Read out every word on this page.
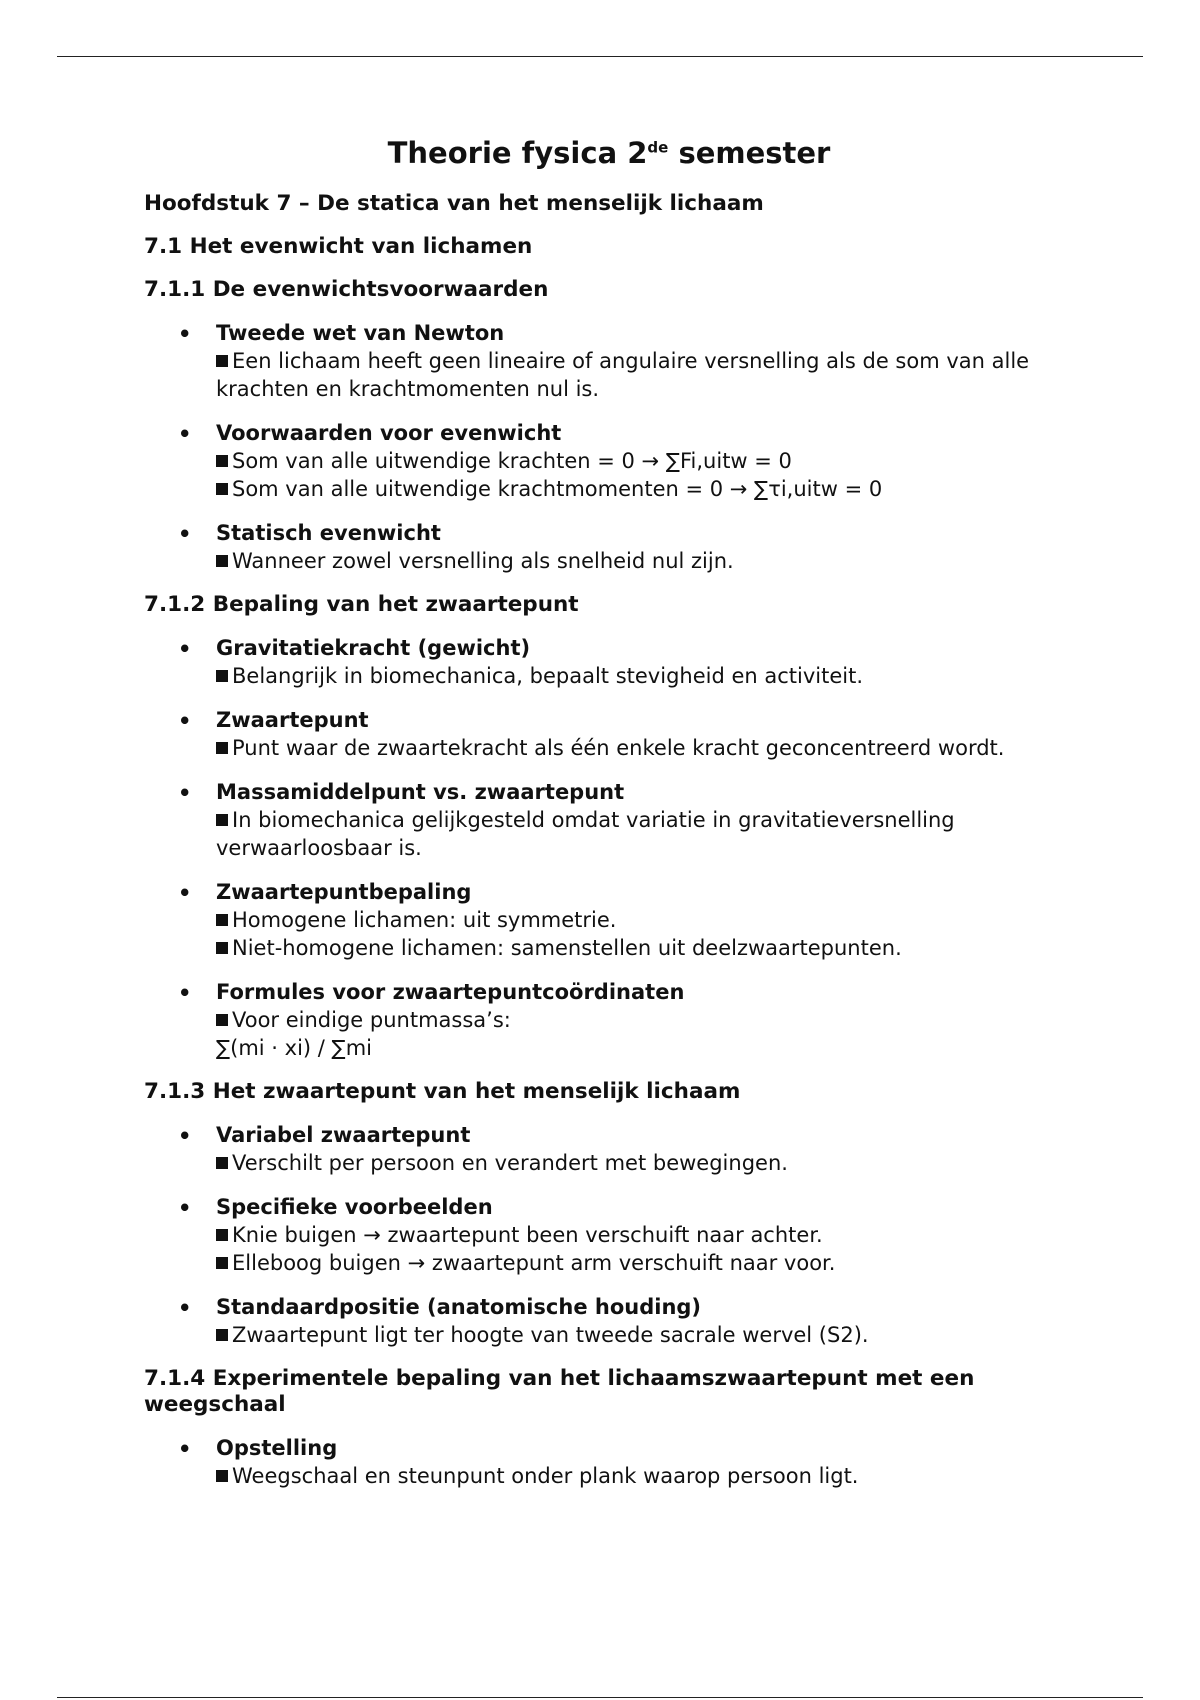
Theorie fysica 2de semester
Hoofdstuk 7 – De statica van het menselijk lichaam
7.1 Het evenwicht van lichamen
7.1.1 De evenwichtsvoorwaarden
• Tweede wet van Newton
Een lichaam heeft geen lineaire of angulaire versnelling als de som van alle krachten en krachtmomenten nul is.
• Voorwaarden voor evenwicht
Som van alle uitwendige krachten = 0 → ∑Fi,uitw = 0
Som van alle uitwendige krachtmomenten = 0 → ∑τi,uitw = 0
• Statisch evenwicht
Wanneer zowel versnelling als snelheid nul zijn.
7.1.2 Bepaling van het zwaartepunt
• Gravitatiekracht (gewicht)
Belangrijk in biomechanica, bepaalt stevigheid en activiteit.
• Zwaartepunt
Punt waar de zwaartekracht als één enkele kracht geconcentreerd wordt.
• Massamiddelpunt vs. zwaartepunt
In biomechanica gelijkgesteld omdat variatie in gravitatieversnelling verwaarloosbaar is.
• Zwaartepuntbepaling
Homogene lichamen: uit symmetrie.
Niet-homogene lichamen: samenstellen uit deelzwaartepunten.
• Formules voor zwaartepuntcoördinaten
Voor eindige puntmassa’s:
∑(mi · xi) / ∑mi
7.1.3 Het zwaartepunt van het menselijk lichaam
• Variabel zwaartepunt
Verschilt per persoon en verandert met bewegingen.
• Specifieke voorbeelden
Knie buigen → zwaartepunt been verschuift naar achter.
Elleboog buigen → zwaartepunt arm verschuift naar voor.
• Standaardpositie (anatomische houding)
Zwaartepunt ligt ter hoogte van tweede sacrale wervel (S2).
7.1.4 Experimentele bepaling van het lichaamszwaartepunt met een weegschaal
• Opstelling
Weegschaal en steunpunt onder plank waarop persoon ligt.
